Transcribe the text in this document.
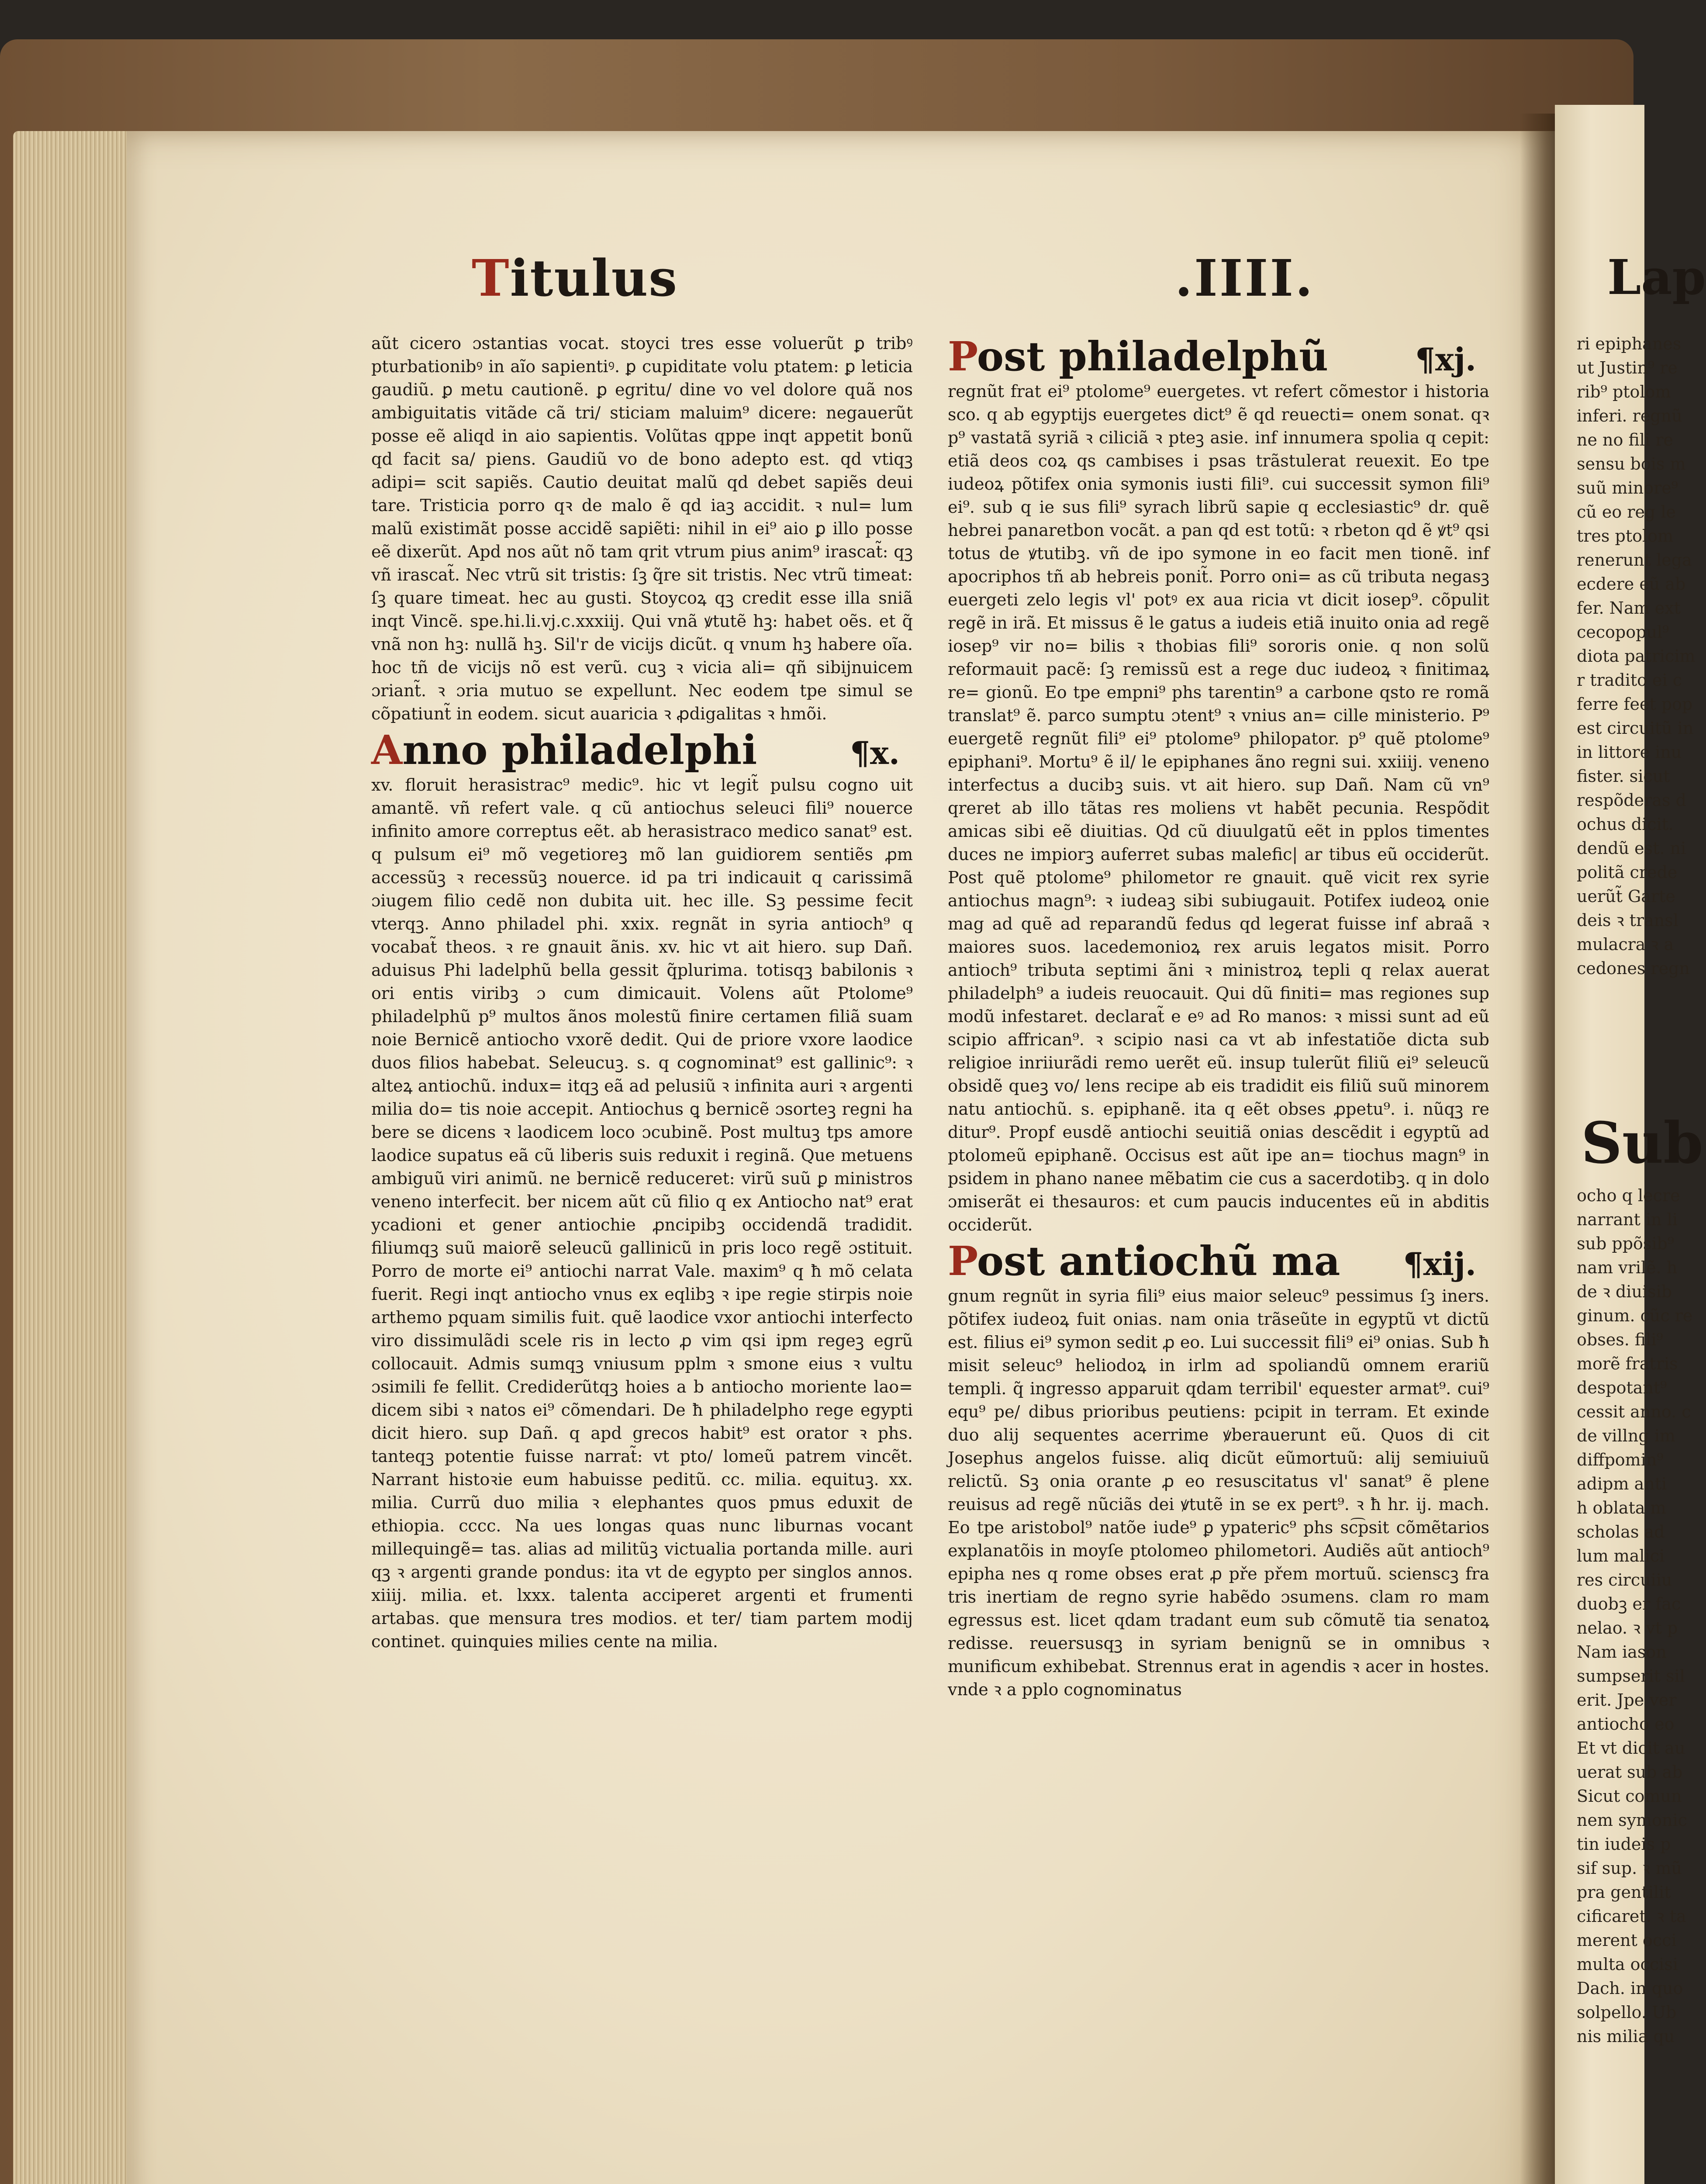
Lap
ri epiphanes
ut Justin⁹ re
rib⁹ ptolom
inferi. regnũ
ne no fili re
sensu bois m
suũ minore⁹
cũ eo reg le
tres ptolom
renerunt lega
ecdere eũ ab
fer. Nam ext
cecopopul⁹
diota patricim
r tradito ei c
ferre feet pop
est circuitũ in
in littore inu
fister. sicut
respõderas d
ochus dicit.
dendũ est. ni
politã crede
uerũt̃ Garte
deis ꝛ transl
mulacra ꝛ a
cedones regn
Sub
ocho q lecre
narrant in li
sub ppõsib⁹
nam vrilẽ. h
de ꝛ diuisib
ginum. cũc re
obses. fili⁹
morẽ fratris
despotant⁹
cessit anno. c
de villng im
diffpomin⁹
adipm anti
h oblata m
scholas ad
lum malici
res circuiiu
duobꝫ er fac
nelao. ꝛ vt p
Nam iason
sumpserit sil
erit. Jpe ver
antiocho eo
Et vt dicit au
uerat sub ab
Sicut comun
nem symonic
tin iudeis p
sif sup. ꝛ mũ
pra gentilit
cificaret. ꝛ ta
merent occi
multa occisi
Dach. in quo
solpello. Ub
nis milia qu
Titulus	.IIII.

aũt cicero ɔstantias vocat. stoyci tres esse voluerũt ꝑ tribꝰ pturbationibꝰ in aĩo sapientiꝰ. ꝑ cupiditate volu ptatem: ꝑ leticia gaudiũ. ꝑ metu cautionẽ. ꝑ egritu/ dine vo vel dolore quã nos ambiguitatis vitãde cã tri/ sticiam maluim⁹ dicere: negauerũt posse eẽ aliqd in aio sapientis. Volũtas qppe inqt appetit bonũ qd facit sa/ piens. Gaudiũ vo de bono adepto est. qd vtiqꝫ adipi= scit sapiẽs. Cautio deuitat malũ qd debet sapiẽs deui tare. Tristicia porro qꝛ de malo ẽ qd iaꝫ accidit. ꝛ nul= lum malũ existimãt posse accidẽ sapiẽti: nihil in ei⁹ aio ꝑ illo posse eẽ dixerũt. Apd nos aũt nõ tam qrit vtrum pius anim⁹ irascat̃: qꝫ vñ irascat̃. Nec vtrũ sit tristis: ſꝫ q̃re sit tristis. Nec vtrũ timeat: ſꝫ quare timeat. hec au gusti. Stoycoꝝ qꝫ credit esse illa sniã inqt Vincẽ. spe.hi.li.vj.c.xxxiij. Qui vnã ꝟtutẽ hꝫ: habet oẽs. et q̃ vnã non hꝫ: nullã hꝫ. Sil'r de vicijs dicũt. q vnum hꝫ habere oĩa. hoc tñ de vicijs nõ est verũ. cuꝫ ꝛ vicia ali= qñ sibijnuicem ɔriant̃. ꝛ ɔria mutuo se expellunt. Nec eodem tpe simul se cõpatiunt̃ in eodem. sicut auaricia ꝛ ꝓdigalitas ꝛ hmõi.

Anno philadelphi	¶x.

xv. floruit herasistrac⁹ medic⁹. hic vt legit̃ pulsu cogno uit amantẽ. vñ refert vale. q cũ antiochus seleuci fili⁹ nouerce infinito amore correptus eẽt. ab herasistraco medico sanat⁹ est. q pulsum ei⁹ mõ vegetioreꝫ mõ lan guidiorem sentiẽs ꝓm accessũꝫ ꝛ recessũꝫ nouerce. id pa tri indicauit q carissimã ɔiugem filio cedẽ non dubita uit. hec ille. Sꝫ pessime fecit vterqꝫ. Anno philadel phi. xxix. regnãt in syria antioch⁹ q vocabat̃ theos. ꝛ re gnauit ãnis. xv. hic vt ait hiero. sup Dañ. aduisus Phi ladelphũ bella gessit q̃plurima. totisqꝫ babilonis ꝛ ori entis viribꝫ ɔ cum dimicauit. Volens aũt Ptolome⁹ philadelphũ p⁹ multos ãnos molestũ finire certamen filiã suam noie Bernicẽ antiocho vxorẽ dedit. Qui de priore vxore laodice duos filios habebat. Seleucuꝫ. s. q cognominat⁹ est gallinic⁹: ꝛ alteꝝ antiochũ. indux= itqꝫ eã ad pelusiũ ꝛ infinita auri ꝛ argenti milia do= tis noie accepit. Antiochus ꝗ bernicẽ ɔsorteꝫ regni ha bere se dicens ꝛ laodicem loco ɔcubinẽ. Post multuꝫ tps amore laodice supatus eã cũ liberis suis reduxit i reginã. Que metuens ambiguũ viri animũ. ne bernicẽ reduceret: virũ suũ ꝑ ministros veneno interfecit. ber nicem aũt cũ filio q ex Antiocho nat⁹ erat ycadioni et gener antiochie ꝓncipibꝫ occidendã tradidit. filiumqꝫ suũ maiorẽ seleucũ gallinicũ in pris loco regẽ ɔstituit. Porro de morte ei⁹ antiochi narrat Vale. maxim⁹ q ħ mõ celata fuerit. Regi inqt antiocho vnus ex eqlibꝫ ꝛ ipe regie stirpis noie arthemo pquam similis fuit. quẽ laodice vxor antiochi interfecto viro dissimulãdi scele ris in lecto ꝓ vim qsi ipm regeꝫ egrũ collocauit. Admis sumqꝫ vniusum pplm ꝛ smone eius ꝛ vultu ɔsimili fe fellit. Crediderũtqꝫ hoies a b antiocho moriente lao= dicem sibi ꝛ natos ei⁹ cõmendari. De ħ philadelpho rege egypti dicit hiero. sup Dañ. q apd grecos habit⁹ est orator ꝛ phs. tanteqꝫ potentie fuisse narrat̃: vt pto/ lomeũ patrem vincẽt. Narrant histoꝛie eum habuisse peditũ. cc. milia. equituꝫ. xx. milia. Currũ duo milia ꝛ elephantes quos pmus eduxit de ethiopia. cccc. Na ues longas quas nunc liburnas vocant millequingẽ= tas. alias ad militũꝫ victualia portanda mille. auri qꝫ ꝛ argenti grande pondus: ita vt de egypto per singlos annos. xiiij. milia. et. lxxx. talenta acciperet argenti et frumenti artabas. que mensura tres modios. et ter/ tiam partem modij continet. quinquies milies cente na milia.

Post philadelphũ	¶xj.

regnũt frat ei⁹ ptolome⁹ euergetes. vt refert cõmestor i historia sco. q ab egyptijs euergetes dict⁹ ẽ qd reuecti= onem sonat. qꝛ p⁹ vastatã syriã ꝛ ciliciã ꝛ pteꝫ asie. inf innumera spolia q cepit: etiã deos coꝝ qs cambises i psas trãstulerat reuexit. Eo tpe iudeoꝝ põtifex onia symonis iusti fili⁹. cui successit symon fili⁹ ei⁹. sub q ie sus fili⁹ syrach librũ sapie q ecclesiastic⁹ dr. quẽ hebrei panaretbon vocãt. a pan qd est totũ: ꝛ rbeton qd ẽ ꝟt⁹ qsi totus de ꝟtutibꝫ. vñ de ipo symone in eo facit men tionẽ. inf apocriphos tñ ab hebreis ponit̃. Porro oni= as cũ tributa negasꝫ euergeti zelo legis vl' potꝰ ex aua ricia vt dicit iosep⁹. cõpulit regẽ in irã. Et missus ẽ le gatus a iudeis etiã inuito onia ad regẽ iosep⁹ vir no= bilis ꝛ thobias fili⁹ sororis onie. q non solũ reformauit pacẽ: ſꝫ remissũ est a rege duc iudeoꝝ ꝛ finitimaꝝ re= gionũ. Eo tpe empni⁹ phs tarentin⁹ a carbone qsto re romã translat⁹ ẽ. parco sumptu ɔtent⁹ ꝛ vnius an= cille ministerio. P⁹ euergetẽ regnũt fili⁹ ei⁹ ptolome⁹ philopator. p⁹ quẽ ptolome⁹ epiphani⁹. Mortu⁹ ẽ il/ le epiphanes ãno regni sui. xxiiij. veneno interfectus a ducibꝫ suis. vt ait hiero. sup Dañ. Nam cũ vn⁹ qreret ab illo tãtas res moliens vt habẽt pecunia. Respõdit amicas sibi eẽ diuitias. Qd cũ diuulgatũ eẽt in pplos timentes duces ne impiorꝫ auferret subas malefic| ar tibus eũ occiderũt. Post quẽ ptolome⁹ philometor re gnauit. quẽ vicit rex syrie antiochus magn⁹: ꝛ iudeaꝫ sibi subiugauit. Potifex iudeoꝝ onie mag ad quẽ ad reparandũ fedus qd legerat fuisse inf abraã ꝛ maiores suos. lacedemonioꝝ rex aruis legatos misit. Porro antioch⁹ tributa septimi ãni ꝛ ministroꝝ tepli q relax auerat philadelph⁹ a iudeis reuocauit. Qui dũ finiti= mas regiones sup modũ infestaret. declarat̃ e eꝰ ad Ro manos: ꝛ missi sunt ad eũ scipio affrican⁹. ꝛ scipio nasi ca vt ab infestatiõe dicta sub religioe inriiurãdi remo uerẽt eũ. insup tulerũt filiũ ei⁹ seleucũ obsidẽ queꝫ vo/ lens recipe ab eis tradidit eis filiũ suũ minorem natu antiochũ. s. epiphanẽ. ita q eẽt obses ꝓpetu⁹. i. nũqꝫ re ditur⁹. Propf eusdẽ antiochi seuitiã onias descẽdit i egyptũ ad ptolomeũ epiphanẽ. Occisus est aũt ipe an= tiochus magn⁹ in psidem in phano nanee mẽbatim cie cus a sacerdotibꝫ. q in dolo ɔmiserãt ei thesauros: et cum paucis inducentes eũ in abditis occiderũt.

Post antiochũ ma ¶xij.

gnum regnũt in syria fili⁹ eius maior seleuc⁹ pessimus ſꝫ iners. põtifex iudeoꝝ fuit onias. nam onia trãseũte in egyptũ vt dictũ est. filius ei⁹ symon sedit ꝓ eo. Lui successit fili⁹ ei⁹ onias. Sub ħ misit seleuc⁹ heliodoꝝ in irlm ad spoliandũ omnem erariũ templi. q̃ ingresso apparuit qdam terribil' equester armat⁹. cui⁹ equ⁹ pe/ dibus prioribus peutiens: pcipit in terram. Et exinde duo alij sequentes acerrime ꝟberauerunt eũ. Quos di cit Josephus angelos fuisse. aliq dicũt eũmortuũ: alij semiuiuũ relictũ. Sꝫ onia orante ꝓ eo resuscitatus vl' sanat⁹ ẽ plene reuisus ad regẽ nũciãs dei ꝟtutẽ in se ex pert⁹. ꝛ ħ hr. ij. mach. Eo tpe aristobol⁹ natõe iude⁹ ꝑ ypateric⁹ phs sc͡psit cõmẽtarios explanatõis in moyſe ptolomeo philometori. Audiẽs aũt antioch⁹ epipha nes q rome obses erat ꝓ pře přem mortuũ. scienscꝫ fra tris inertiam de regno syrie habẽdo ɔsumens. clam ro mam egressus est. licet qdam tradant eum sub cõmutẽ tia senatoꝝ redisse. reuersusqꝫ in syriam benignũ se in omnibus ꝛ munificum exhibebat. Strennus erat in agendis ꝛ acer in hostes. vnde ꝛ a pplo cognominatus
